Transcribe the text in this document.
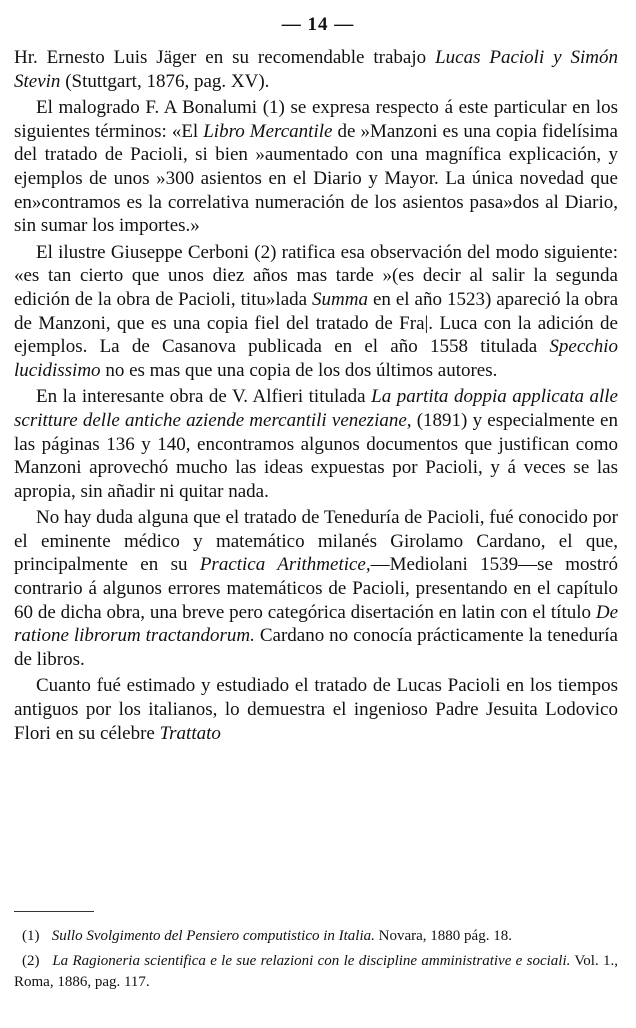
— 14 —

Hr. Ernesto Luis Jäger en su recomendable trabajo Lucas Pacioli y Simón Stevin (Stuttgart, 1876, pag. XV).

El malogrado F. A Bonalumi (1) se expresa respecto á este particular en los siguientes términos: «El Libro Mercantile de »Manzoni es una copia fidelísima del tratado de Pacioli, si bien »aumentado con una magnífica explicación, y ejemplos de unos »300 asientos en el Diario y Mayor. La única novedad que en»contramos es la correlativa numeración de los asientos pasa»dos al Diario, sin sumar los importes.»

El ilustre Giuseppe Cerboni (2) ratifica esa observación del modo siguiente: «es tan cierto que unos diez años mas tarde »(es decir al salir la segunda edición de la obra de Pacioli, titu»lada Summa en el año 1523) apareció la obra de Manzoni, que es una copia fiel del tratado de Fra|. Luca con la adición de ejemplos. La de Casanova publicada en el año 1558 titulada Specchio lucidissimo no es mas que una copia de los dos últimos autores.

En la interesante obra de V. Alfieri titulada La partita doppia applicata alle scritture delle antiche aziende mercantili veneziane, (1891) y especialmente en las páginas 136 y 140, encontramos algunos documentos que justifican como Manzoni aprovechó mucho las ideas expuestas por Pacioli, y á veces se las apropia, sin añadir ni quitar nada.

No hay duda alguna que el tratado de Teneduría de Pacioli, fué conocido por el eminente médico y matemático milanés Girolamo Cardano, el que, principalmente en su Practica Arithmetice,—Mediolani 1539—se mostró contrario á algunos errores matemáticos de Pacioli, presentando en el capítulo 60 de dicha obra, una breve pero categórica disertación en latin con el título De ratione librorum tractandorum. Cardano no conocía prácticamente la teneduría de libros.

Cuanto fué estimado y estudiado el tratado de Lucas Pacioli en los tiempos antiguos por los italianos, lo demuestra el ingenioso Padre Jesuita Lodovico Flori en su célebre Trattato

(1) Sullo Svolgimento del Pensiero computistico in Italia. Novara, 1880 pág. 18.

(2) La Ragioneria scientifica e le sue relazioni con le discipline amministrative e sociali. Vol. 1., Roma, 1886, pag. 117.
